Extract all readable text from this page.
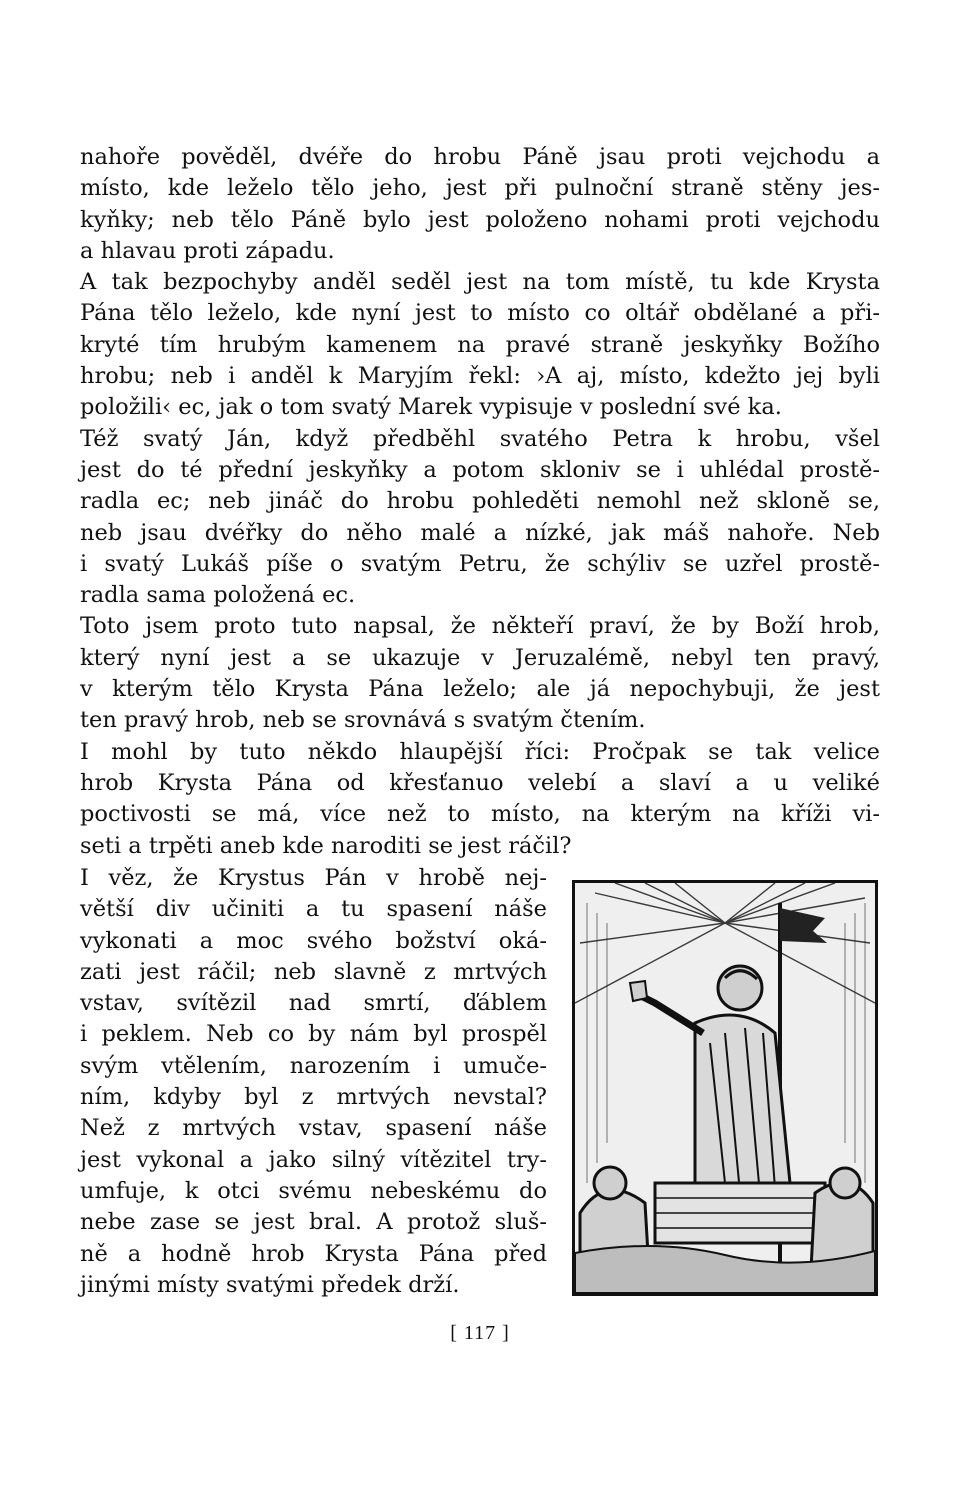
nahoře pověděl, dvéře do hrobu Páně jsau proti vejchodu a
místo, kde leželo tělo jeho, jest při pulnoční straně stěny jes-
kyňky; neb tělo Páně bylo jest položeno nohami proti vejchodu
a hlavau proti západu.

A tak bezpochyby anděl seděl jest na tom místě, tu kde Krysta
Pána tělo leželo, kde nyní jest to místo co oltář obdělané a při-
kryté tím hrubým kamenem na pravé straně jeskyňky Božího
hrobu; neb i anděl k Maryjím řekl: ›A aj, místo, kdežto jej byli
položili‹ ec, jak o tom svatý Marek vypisuje v poslední své ka.

Též svatý Ján, když předběhl svatého Petra k hrobu, všel
jest do té přední jeskyňky a potom skloniv se i uhlédal prostě-
radla ec; neb jináč do hrobu pohleděti nemohl než skloně se,
neb jsau dvéřky do něho malé a nízké, jak máš nahoře. Neb
i svatý Lukáš píše o svatým Petru, že schýliv se uzřel prostě-
radla sama položená ec.

Toto jsem proto tuto napsal, že někteří praví, že by Boží hrob,
který nyní jest a se ukazuje v Jeruzalémě, nebyl ten pravý,
v kterým tělo Krysta Pána leželo; ale já nepochybuji, že jest
ten pravý hrob, neb se srovnává s svatým čtením.

I mohl by tuto někdo hlaupější říci: Pročpak se tak velice
hrob Krysta Pána od křesťanuo velebí a slaví a u veliké
poctivosti se má, více než to místo, na kterým na kříži vi-
seti a trpěti aneb kde naroditi se jest ráčil?

I věz, že Krystus Pán v hrobě nej-
větší div učiniti a tu spasení náše
vykonati a moc svého božství oká-
zati jest ráčil; neb slavně z mrtvých
vstav, svítězil nad smrtí, ďáblem
i peklem. Neb co by nám byl prospěl
svým vtělením, narozením i umuče-
ním, kdyby byl z mrtvých nevstal?
Než z mrtvých vstav, spasení náše
jest vykonal a jako silný vítězitel try-
umfuje, k otci svému nebeskému do
nebe zase se jest bral. A protož sluš-
ně a hodně hrob Krysta Pána před
jinými místy svatými předek drží.
[ 117 ]
